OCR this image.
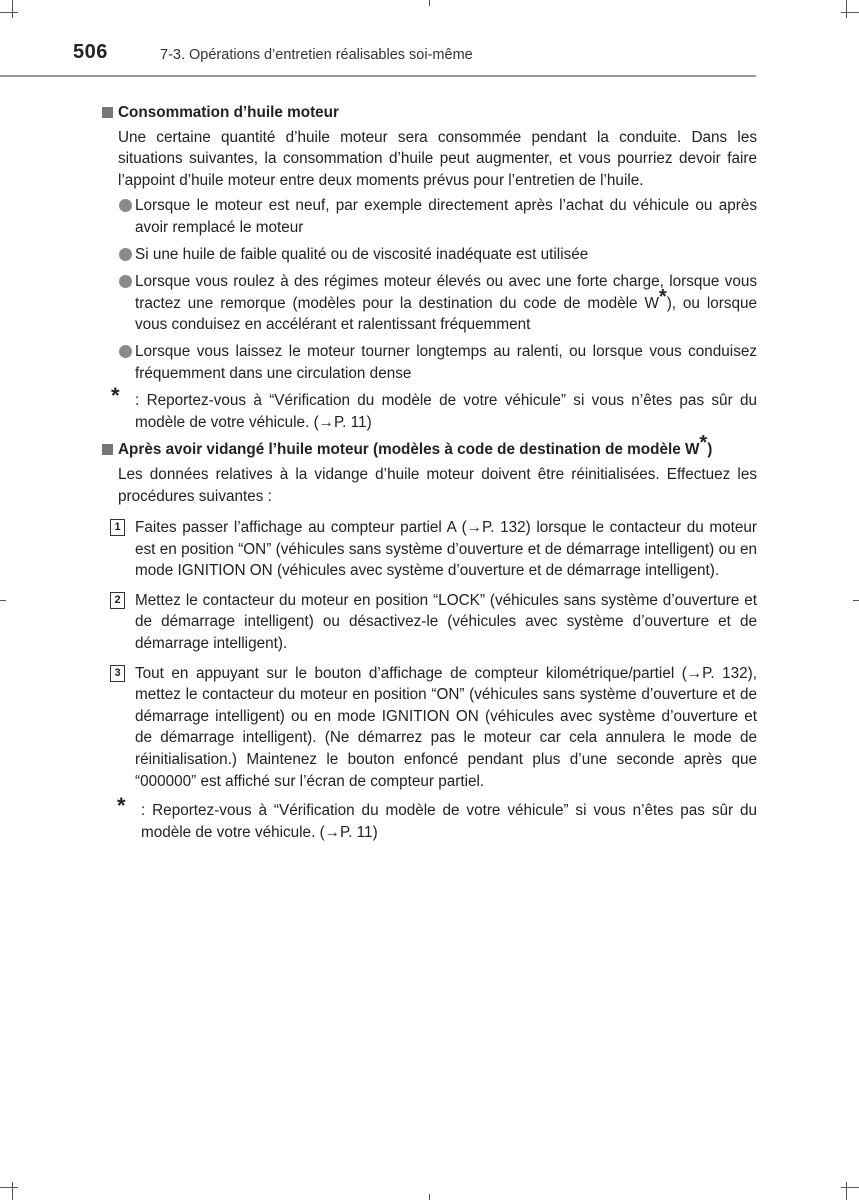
506	7-3. Opérations d’entretien réalisables soi-même
Consommation d’huile moteur
Une certaine quantité d’huile moteur sera consommée pendant la conduite. Dans les situations suivantes, la consommation d’huile peut augmenter, et vous pourriez devoir faire l’appoint d’huile moteur entre deux moments prévus pour l’entretien de l’huile.
Lorsque le moteur est neuf, par exemple directement après l’achat du véhicule ou après avoir remplacé le moteur
Si une huile de faible qualité ou de viscosité inadéquate est utilisée
Lorsque vous roulez à des régimes moteur élevés ou avec une forte charge, lorsque vous tractez une remorque (modèles pour la destination du code de modèle W*), ou lorsque vous conduisez en accélérant et ralentissant fréquemment
Lorsque vous laissez le moteur tourner longtemps au ralenti, ou lorsque vous conduisez fréquemment dans une circulation dense
* : Reportez-vous à “Vérification du modèle de votre véhicule” si vous n’êtes pas sûr du modèle de votre véhicule. (→P. 11)
Après avoir vidangé l’huile moteur (modèles à code de destination de modèle W*)
Les données relatives à la vidange d’huile moteur doivent être réinitialisées. Effectuez les procédures suivantes :
1 Faites passer l’affichage au compteur partiel A (→P. 132) lorsque le contacteur du moteur est en position “ON” (véhicules sans système d’ouverture et de démarrage intelligent) ou en mode IGNITION ON (véhicules avec système d’ouverture et de démarrage intelligent).
2 Mettez le contacteur du moteur en position “LOCK” (véhicules sans système d’ouverture et de démarrage intelligent) ou désactivez-le (véhicules avec système d’ouverture et de démarrage intelligent).
3 Tout en appuyant sur le bouton d’affichage de compteur kilométrique/partiel (→P. 132), mettez le contacteur du moteur en position “ON” (véhicules sans système d’ouverture et de démarrage intelligent) ou en mode IGNITION ON (véhicules avec système d’ouverture et de démarrage intelligent). (Ne démarrez pas le moteur car cela annulera le mode de réinitialisation.) Maintenez le bouton enfoncé pendant plus d’une seconde après que “000000” est affiché sur l’écran de compteur partiel.
* : Reportez-vous à “Vérification du modèle de votre véhicule” si vous n’êtes pas sûr du modèle de votre véhicule. (→P. 11)
